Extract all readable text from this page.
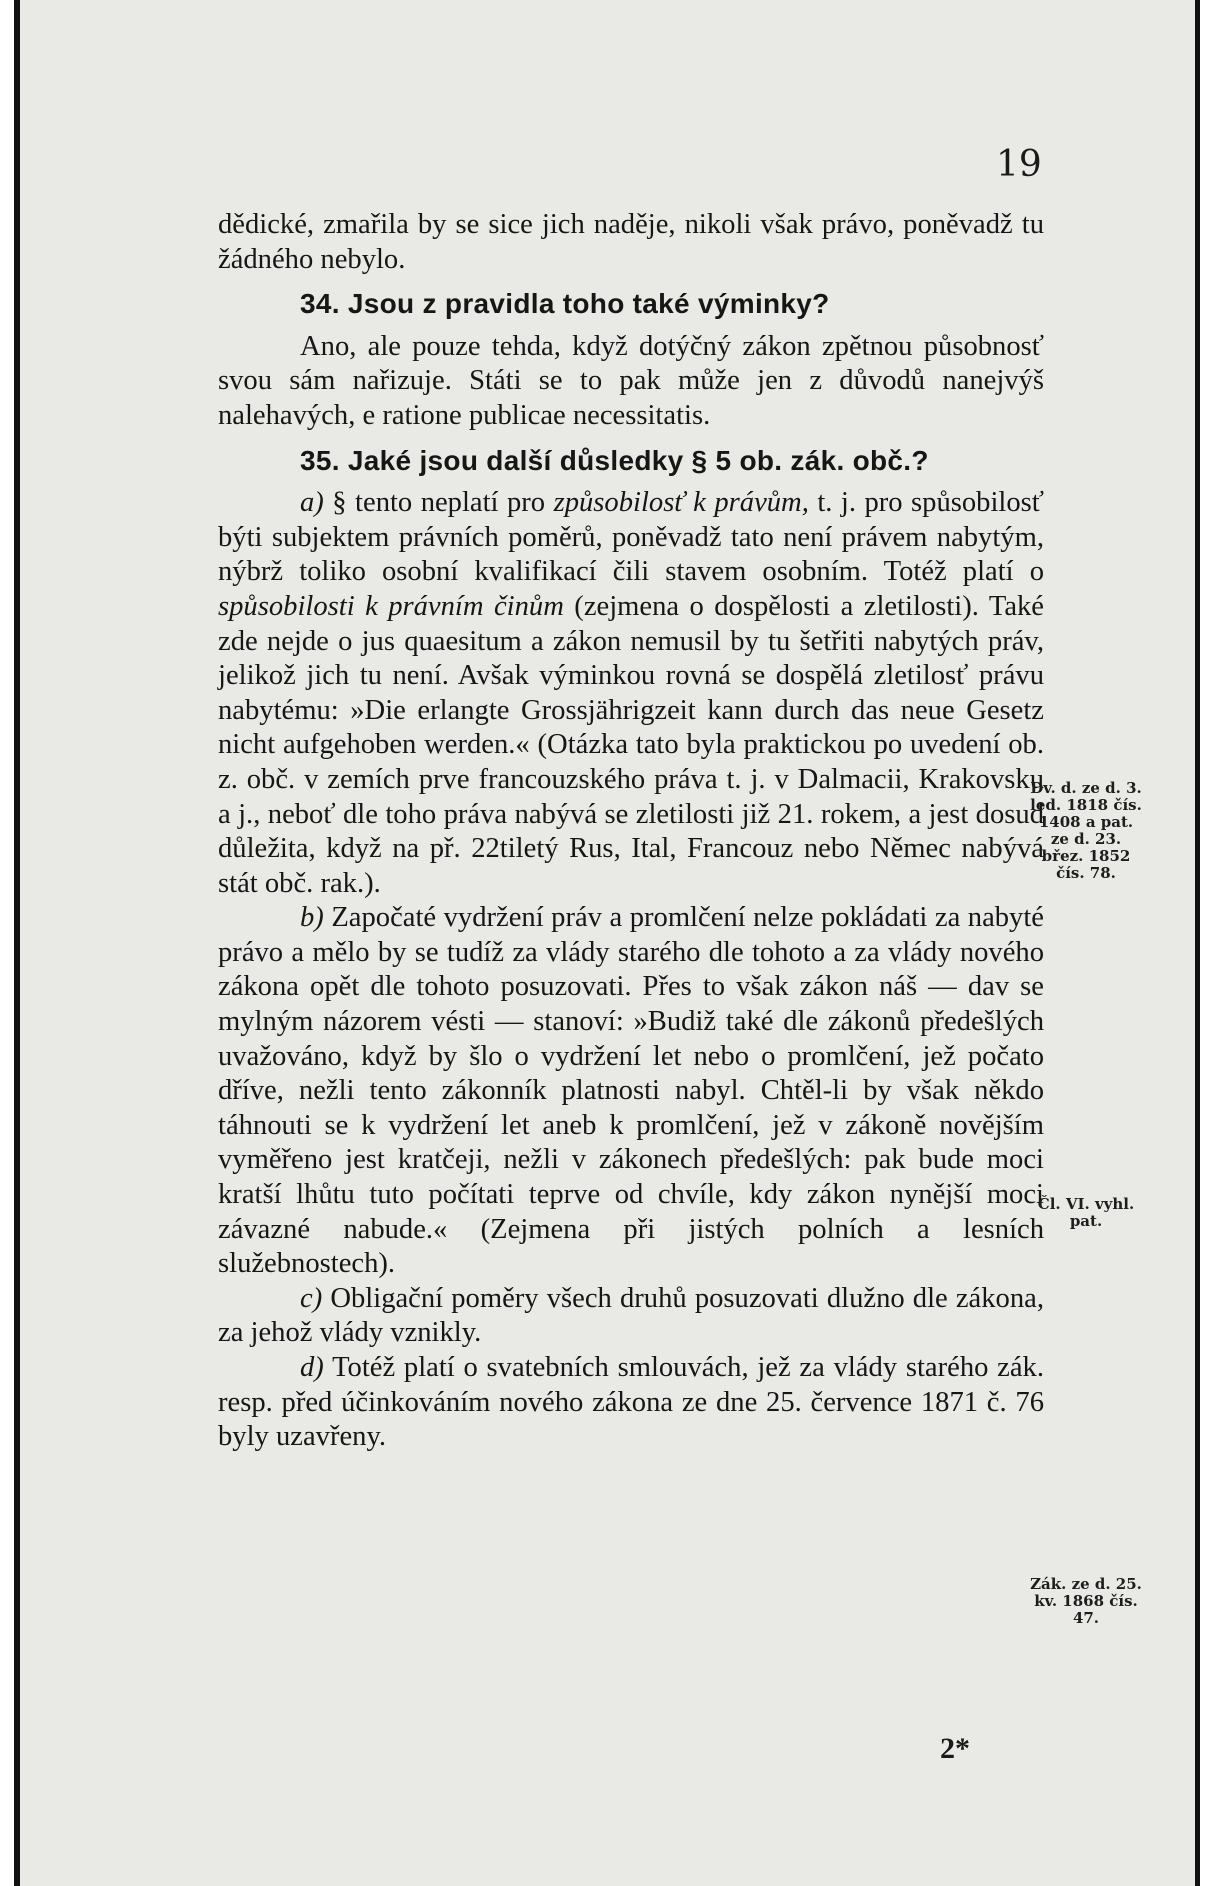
19

dědické, zmařila by se sice jich naděje, nikoli však právo, poněvadž tu žádného nebylo.

34. Jsou z pravidla toho také výminky?

Ano, ale pouze tehda, když dotýčný zákon zpětnou působnosť svou sám nařizuje. Státi se to pak může jen z důvodů nanejvýš nalehavých, e ratione publicae necessitatis.

35. Jaké jsou další důsledky § 5 ob. zák. obč.?

a) § tento neplatí pro způsobilosť k právům, t. j. pro spůsobilosť býti subjektem právních poměrů, poněvadž tato není právem nabytým, nýbrž toliko osobní kvalifikací čili stavem osobním. Totéž platí o spůsobilosti k právním činům (zejmena o dospělosti a zletilosti). Také zde nejde o jus quaesitum a zákon nemusil by tu šetřiti nabytých práv, jelikož jich tu není. Avšak výminkou rovná se dospělá zletilosť právu nabytému: »Die erlangte Grossjährigzeit kann durch das neue Gesetz nicht aufgehoben werden.« (Otázka tato byla praktickou po uvedení ob. z. obč. v zemích prve francouzského práva t. j. v Dalmacii, Krakovsku a j., neboť dle toho práva nabývá se zletilosti již 21. rokem, a jest dosud důležita, když na př. 22tiletý Rus, Ital, Francouz nebo Němec nabývá stát obč. rak.).

b) Započaté vydržení práv a promlčení nelze pokládati za nabyté právo a mělo by se tudíž za vlády starého dle tohoto a za vlády nového zákona opět dle tohoto posuzovati. Přes to však zákon náš — dav se mylným názorem vésti — stanoví: »Budiž také dle zákonů předešlých uvažováno, když by šlo o vydržení let nebo o promlčení, jež počato dříve, nežli tento zákonník platnosti nabyl. Chtěl-li by však někdo táhnouti se k vydržení let aneb k promlčení, jež v zákoně novějším vyměřeno jest kratčeji, nežli v zákonech předešlých: pak bude moci kratší lhůtu tuto počítati teprve od chvíle, kdy zákon nynější moci závazné nabude.« (Zejmena při jistých polních a lesních služebnostech).

c) Obligační poměry všech druhů posuzovati dlužno dle zákona, za jehož vlády vznikly.

d) Totéž platí o svatebních smlouvách, jež za vlády starého zák. resp. před účinkováním nového zákona ze dne 25. července 1871 č. 76 byly uzavřeny.

Dv. d. ze d. 3. led. 1818 čís. 1408 a pat. ze d. 23. břez. 1852 čís. 78.
Čl. VI. vyhl. pat.
Zák. ze d. 25. kv. 1868 čís. 47.
2*
